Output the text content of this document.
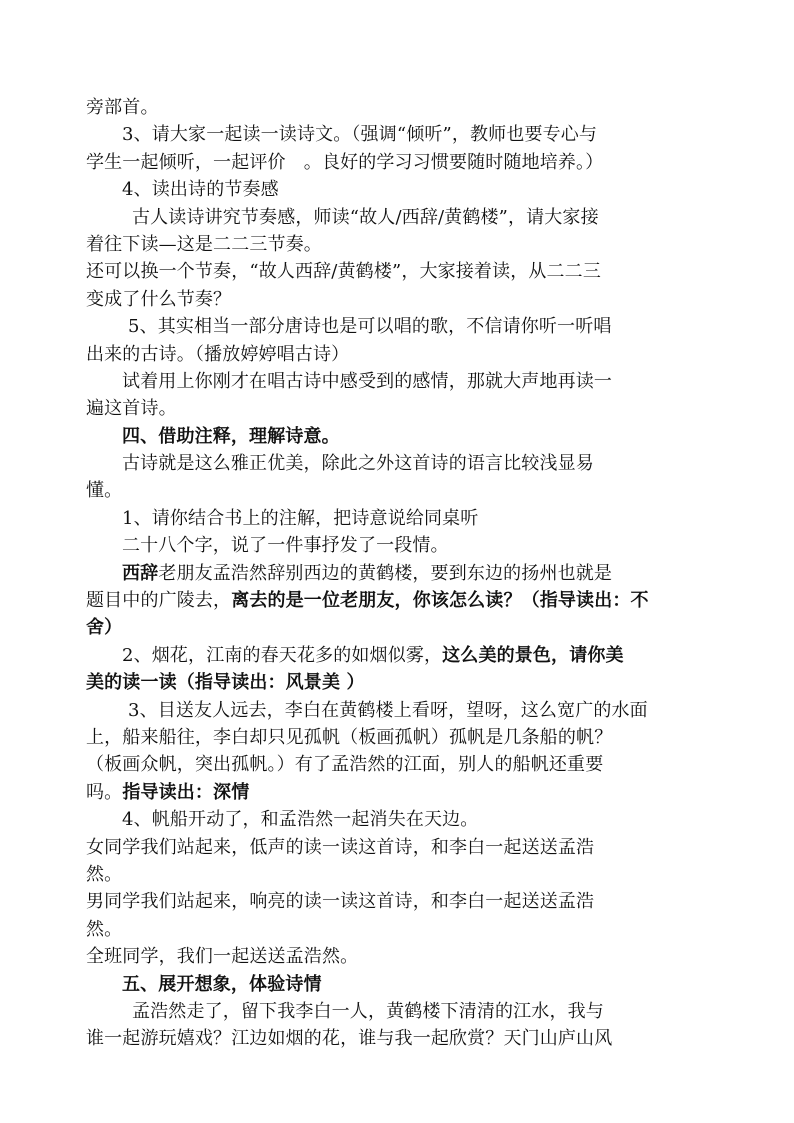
旁部首。
3、请大家一起读一读诗文。（强调“倾听”，教师也要专心与
学生一起倾听，一起评价　。良好的学习习惯要随时随地培养。）
4、读出诗的节奏感
古人读诗讲究节奏感，师读“故人/西辞/黄鹤楼”，请大家接
着往下读—这是二二三节奏。
还可以换一个节奏，“故人西辞/黄鹤楼”，大家接着读，从二二三
变成了什么节奏？
5、其实相当一部分唐诗也是可以唱的歌，不信请你听一听唱
出来的古诗。（播放婷婷唱古诗）
试着用上你刚才在唱古诗中感受到的感情，那就大声地再读一
遍这首诗。
四、借助注释，理解诗意。
古诗就是这么雅正优美，除此之外这首诗的语言比较浅显易
懂。
1、请你结合书上的注解，把诗意说给同桌听
二十八个字，说了一件事抒发了一段情。
西辞老朋友孟浩然辞别西边的黄鹤楼，要到东边的扬州也就是
题目中的广陵去，离去的是一位老朋友，你该怎么读？（指导读出：不
舍）
2、烟花，江南的春天花多的如烟似雾，这么美的景色，请你美
美的读一读（指导读出：风景美 ）
3、目送友人远去，李白在黄鹤楼上看呀，望呀，这么宽广的水面
上，船来船往，李白却只见孤帆（板画孤帆）孤帆是几条船的帆？
（板画众帆，突出孤帆。）有了孟浩然的江面，别人的船帆还重要
吗。指导读出：深情
4、帆船开动了，和孟浩然一起消失在天边。
女同学我们站起来，低声的读一读这首诗，和李白一起送送孟浩
然。
男同学我们站起来，响亮的读一读这首诗，和李白一起送送孟浩
然。
全班同学，我们一起送送孟浩然。
五、展开想象，体验诗情
孟浩然走了，留下我李白一人，黄鹤楼下清清的江水，我与
谁一起游玩嬉戏？江边如烟的花，谁与我一起欣赏？天门山庐山风
